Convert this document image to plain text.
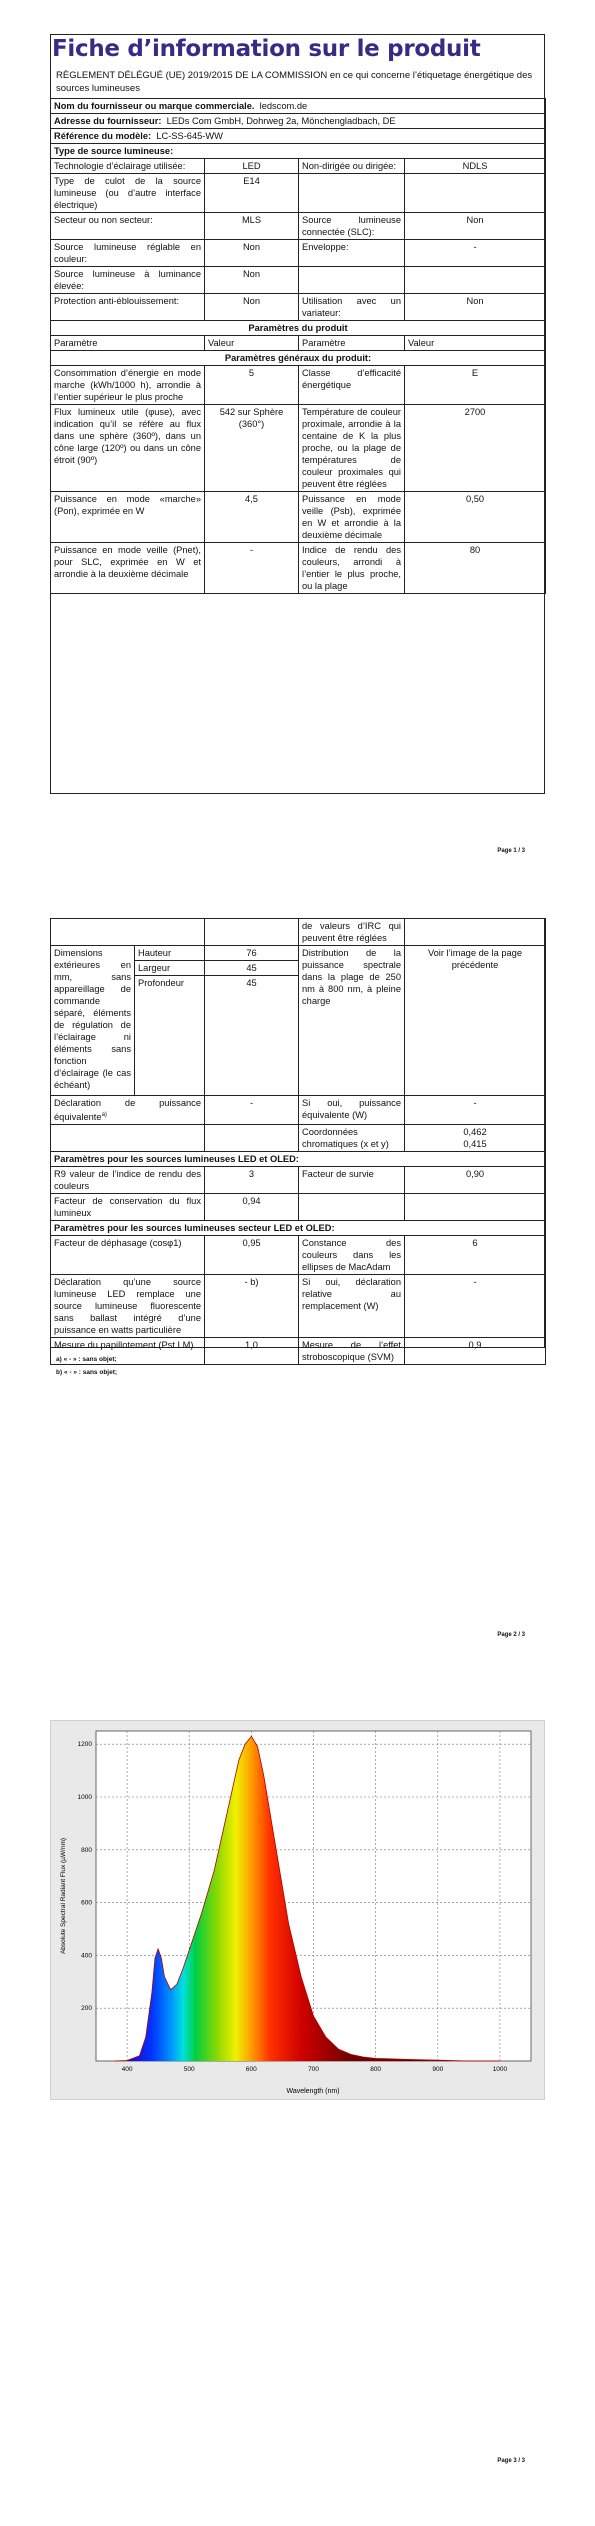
Fiche d’information sur le produit
RÈGLEMENT DÉLÉGUÉ (UE) 2019/2015 DE LA COMMISSION en ce qui concerne l’étiquetage énergétique des sources lumineuses
Nom du fournisseur ou marque commerciale. ledscom.de			
Adresse du fournisseur: LEDs Com GmbH, Dohrweg 2a, Mönchengladbach, DE			
Référence du modèle: LC-SS-645-WW			
Type de source lumineuse:			
Technologie d’éclairage utilisée:	LED	Non-dirigée ou dirigée:	NDLS
Type de culot de la source lumineuse (ou d’autre interface électrique)	E14		
Secteur ou non secteur:	MLS	Source lumineuse connectée (SLC):	Non
Source lumineuse réglable en couleur:	Non	Enveloppe:	-
Source lumineuse à luminance élevée:	Non		
Protection anti-éblouissement:	Non	Utilisation avec un variateur:	Non
Paramètres du produit			
Paramètre	Valeur	Paramètre	Valeur
Paramètres généraux du produit:			
Consommation d’énergie en mode marche (kWh/1000 h), arrondie à l’entier supérieur le plus proche	5	Classe d’efficacité énergétique	E
Flux lumineux utile (φuse), avec indication qu’il se réfère au flux dans une sphère (360º), dans un cône large (120º) ou dans un cône étroit (90º)	542 sur Sphère (360°)	Température de couleur proximale, arrondie à la centaine de K la plus proche, ou la plage de températures de couleur proximales qui peuvent être réglées	2700
Puissance en mode «marche» (Pon), exprimée en W	4,5	Puissance en mode veille (Psb), exprimée en W et arrondie à la deuxième décimale	0,50
Puissance en mode veille (Pnet), pour SLC, exprimée en W et arrondie à la deuxième décimale	-	Indice de rendu des couleurs, arrondi à l’entier le plus proche, ou la plage	80
Page 1 / 3
			de valeurs d’IRC qui peuvent être réglées	
Dimensions extérieures en mm, sans appareillage de commande séparé, éléments de régulation de l’éclairage ni éléments sans fonction d’éclairage (le cas échéant)	Hauteur	76	Distribution de la puissance spectrale dans la plage de 250 nm à 800 nm, à pleine charge	Voir l’image de la page précédente
	Largeur	45		
	Profondeur	45		
Déclaration de puissance équivalente$^{a)}$		-	Si oui, puissance équivalente (W)	-
			Coordonnées chromatiques (x et y)	0,462
0,415

Paramètres pour les sources lumineuses LED et OLED:				
R9 valeur de l’indice de rendu des couleurs		3	Facteur de survie	0,90
Facteur de conservation du flux lumineux		0,94		
Paramètres pour les sources lumineuses secteur LED et OLED:				
Facteur de déphasage (cosφ1)		0,95	Constance des couleurs dans les ellipses de MacAdam	6
Déclaration qu’une source lumineuse LED remplace une source lumineuse fluorescente sans ballast intégré d’une puissance en watts particulière		- b)	Si oui, déclaration relative au remplacement (W)	-
Mesure du papillotement (Pst LM)		1,0	Mesure de l’effet stroboscopique (SVM)	0,9
a) « - » : sans objet;
b) « - » : sans objet;
Page 2 / 3
400	500	600	700	800	900	1000
200
400
600
800
1000
1200
Wavelength (nm)
Absolute Spectral Radiant Flux (µW/nm)
Page 3 / 3
